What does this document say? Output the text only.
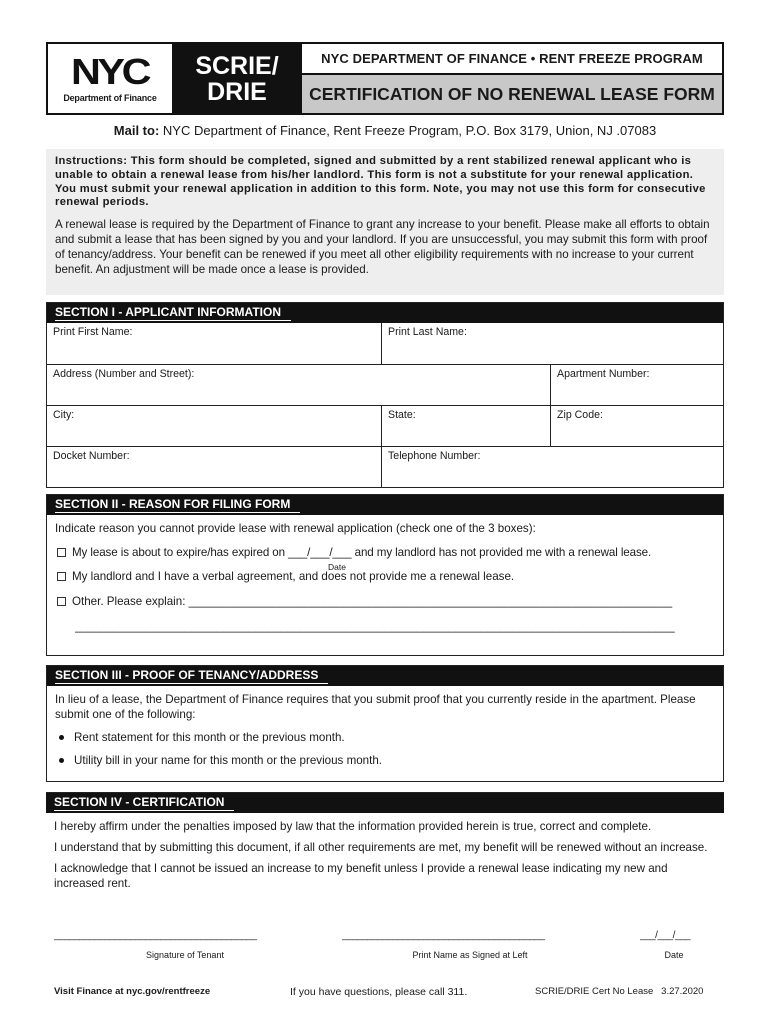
NYC
Department of Finance
SCRIE/
DRIE
NYC DEPARTMENT OF FINANCE • RENT FREEZE PROGRAM
CERTIFICATION OF NO RENEWAL LEASE FORM
Mail to: NYC Department of Finance, Rent Freeze Program, P.O. Box 3179, Union, NJ .07083
Instructions: This form should be completed, signed and submitted by a rent stabilized renewal applicant who is unable to obtain a renewal lease from his/her landlord. This form is not a substitute for your renewal application. You must submit your renewal application in addition to this form. Note, you may not use this form for consecutive renewal periods.
A renewal lease is required by the Department of Finance to grant any increase to your benefit. Please make all efforts to obtain and submit a lease that has been signed by you and your landlord. If you are unsuccessful, you may submit this form with proof of tenancy/address. Your benefit can be renewed if you meet all other eligibility requirements with no increase to your current benefit. An adjustment will be made once a lease is provided.
SECTION I - APPLICANT INFORMATION
Print First Name:	Print Last Name:
Address (Number and Street):	Apartment Number:
City:	State:	Zip Code:
Docket Number:	Telephone Number:
SECTION II - REASON FOR FILING FORM
Indicate reason you cannot provide lease with renewal application (check one of the 3 boxes):
My lease is about to expire/has expired on ___/___/___ and my landlord has not provided me with a renewal lease.
Date
My landlord and I have a verbal agreement, and does not provide me a renewal lease.
Other. Please explain: ___________________________________________________________________________
_____________________________________________________________________________________________
SECTION III - PROOF OF TENANCY/ADDRESS
In lieu of a lease, the Department of Finance requires that you submit proof that you currently reside in the apartment. Please submit one of the following:
Rent statement for this month or the previous month.
Utility bill in your name for this month or the previous month.
SECTION IV - CERTIFICATION
I hereby affirm under the penalties imposed by law that the information provided herein is true, correct and complete.
I understand that by submitting this document, if all other requirements are met, my benefit will be renewed without an increase.
I acknowledge that I cannot be issued an increase to my benefit unless I provide a renewal lease indicating my new and increased rent.
________________________________________	________________________________________	___/___/___
Signature of Tenant	Print Name as Signed at Left	Date
Visit Finance at nyc.gov/rentfreeze	If you have questions, please call 311.	SCRIE/DRIE Cert No Lease   3.27.2020
